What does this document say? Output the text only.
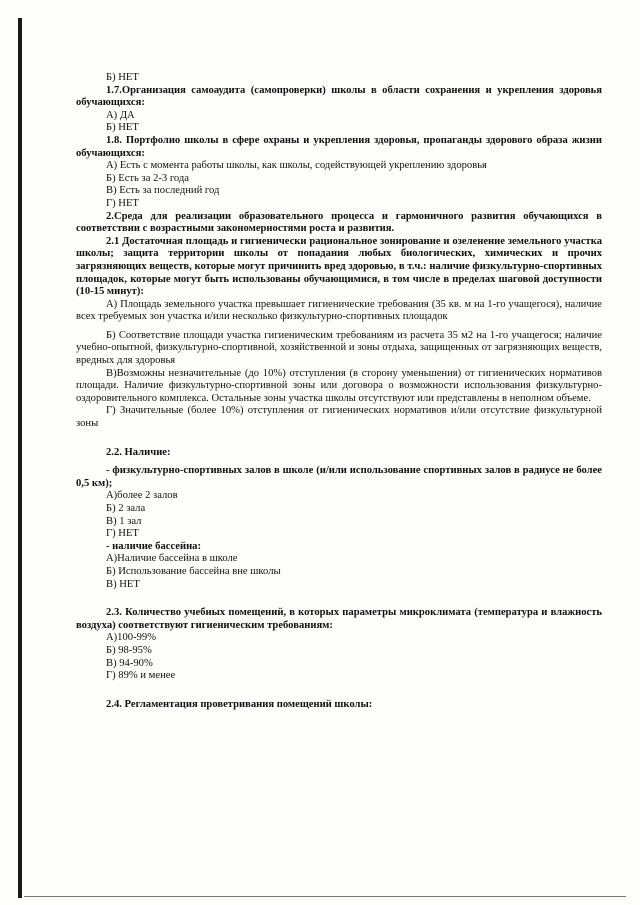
Б) НЕТ

1.7.Организация самоаудита (самопроверки) школы в области сохранения и укрепления здоровья обучающихся:

А) ДА
Б) НЕТ

1.8. Портфолио школы в сфере охраны и укрепления здоровья, пропаганды здорового образа жизни обучающихся:

А) Есть с момента работы школы, как школы, содействующей укреплению здоровья
Б) Есть за 2-3 года
В) Есть за последний год
Г) НЕТ

2.Среда для реализации образовательного процесса и гармоничного развития обучающихся в соответствии с возрастными закономерностями роста и развития.

2.1 Достаточная площадь и гигиенически рациональное зонирование и озеленение земельного участка школы; защита территории школы от попадания любых биологических, химических и прочих загрязняющих веществ, которые могут причинить вред здоровью, в т.ч.: наличие физкультурно-спортивных площадок, которые могут быть использованы обучающимися, в том числе в пределах шаговой доступности (10-15 минут):

А) Площадь земельного участка превышает гигиенические требования (35 кв. м на 1-го учащегося), наличие всех требуемых зон участка и/или несколько физкультурно-спортивных площадок

Б) Соответствие площади участка гигиеническим требованиям из расчета 35 м2 на 1-го учащегося; наличие учебно-опытной, физкультурно-спортивной, хозяйственной и зоны отдыха, защищенных от загрязняющих веществ, вредных для здоровья

В)Возможны незначительные (до 10%) отступления (в сторону уменьшения) от гигиенических нормативов площади. Наличие физкультурно-спортивной зоны или договора о возможности использования физкультурно-оздоровительного комплекса. Остальные зоны участка школы отсутствуют или представлены в неполном объеме.

Г) Значительные (более 10%) отступления от гигиенических нормативов и/или отсутствие физкультурной зоны

2.2. Наличие:

- физкультурно-спортивных залов в школе (и/или использование спортивных залов в радиусе не более 0,5 км);

А)более 2 залов
Б) 2 зала
В) 1 зал
Г) НЕТ
- наличие бассейна:
А)Наличие бассейна в школе
Б) Использование бассейна вне школы
В) НЕТ

2.3. Количество учебных помещений, в которых параметры микроклимата (температура и влажность воздуха) соответствуют гигиеническим требованиям:

А)100-99%
Б) 98-95%
В) 94-90%
Г) 89% и менее
2.4. Регламентация проветривания помещений школы:
